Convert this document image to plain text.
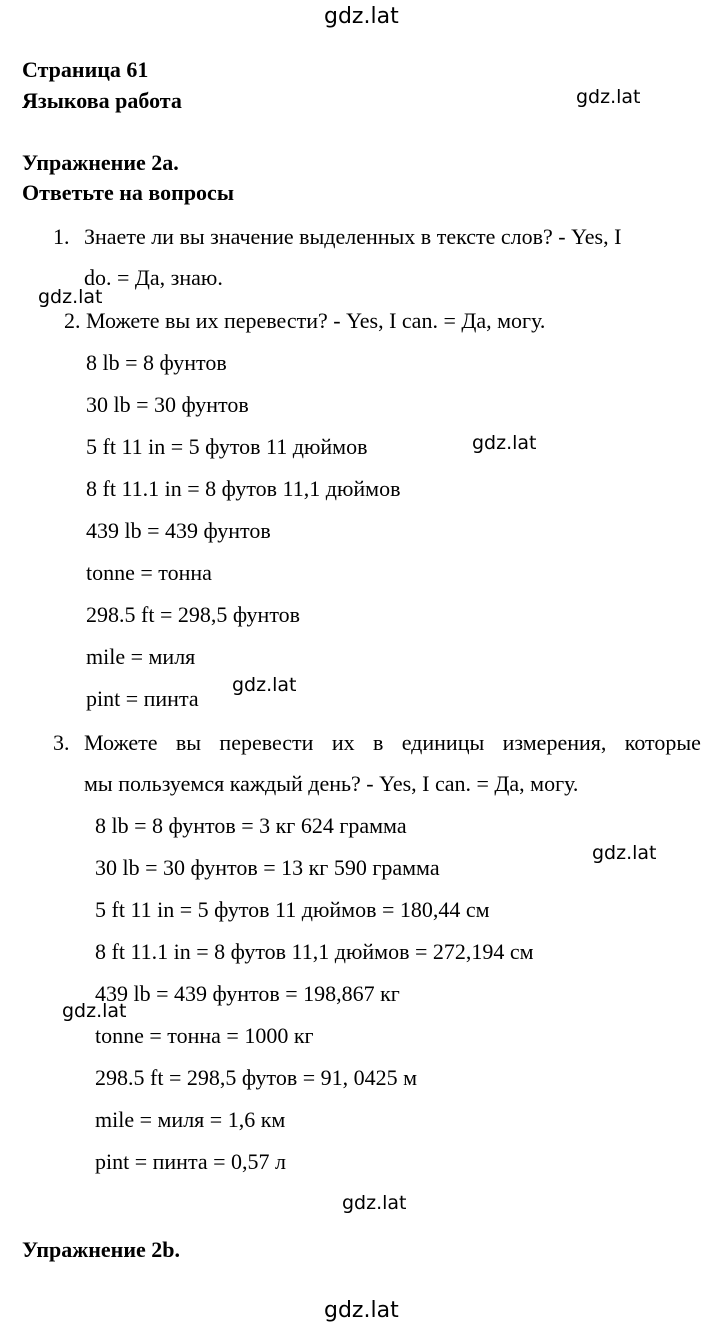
gdz.lat
gdz.lat
gdz.lat
gdz.lat
gdz.lat
gdz.lat
gdz.lat
gdz.lat
gdz.lat
Страница 61
Языкова работа
Упражнение 2a.
Ответьте на вопросы
1. Знаете ли вы значение выделенных в тексте слов? - Yes, I
do. = Да, знаю.
2. Можете вы их перевести? - Yes, I can. = Да, могу.
8 lb = 8 фунтов
30 lb = 30 фунтов
5 ft 11 in = 5 футов 11 дюймов
8 ft 11.1 in = 8 футов 11,1 дюймов
439 lb = 439 фунтов
tonne = тонна
298.5 ft = 298,5 фунтов
mile = миля
pint = пинта
3. Можете вы перевести их в единицы измерения, которые
мы пользуемся каждый день? - Yes, I can. = Да, могу.
8 lb = 8 фунтов = 3 кг 624 грамма
30 lb = 30 фунтов = 13 кг 590 грамма
5 ft 11 in = 5 футов 11 дюймов = 180,44 см
8 ft 11.1 in = 8 футов 11,1 дюймов = 272,194 см
439 lb = 439 фунтов = 198,867 кг
tonne = тонна = 1000 кг
298.5 ft = 298,5 футов = 91, 0425 м
mile = миля = 1,6 км
pint = пинта = 0,57 л
Упражнение 2b.
